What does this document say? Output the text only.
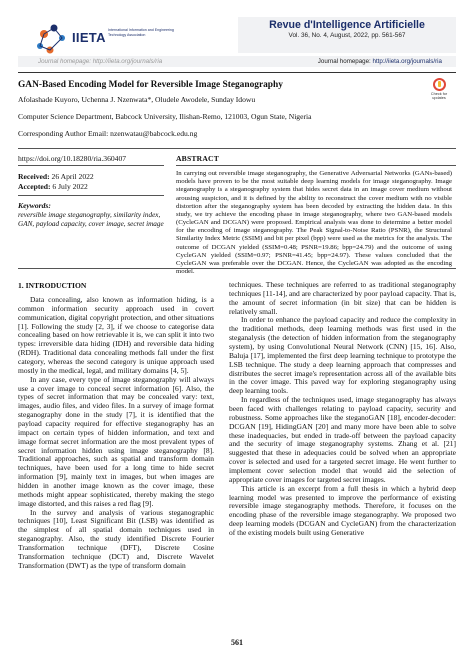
IIETA International Information and Engineering Technology Association
Revue d'Intelligence Artificielle
Vol. 36, No. 4, August, 2022, pp. 561-567
Journal homepage: http://iieta.org/journals/ria	Journal homepage: http://iieta.org/journals/ria
GAN-Based Encoding Model for Reversible Image Steganography
Check for updates
Afolashade Kuyoro, Uchenna J. Nzenwata*, Oludele Awodele, Sunday Idowu
Computer Science Department, Babcock University, Ilishan-Remo, 121003, Ogun State, Nigeria
Corresponding Author Email: nzenwatau@babcock.edu.ng
https://doi.org/10.18280/ria.360407	ABSTRACT
Received: 26 April 2022
Accepted: 6 July 2022
Keywords:
reversible image steganography, similarity index, GAN, payload capacity, cover image, secret image
In carrying out reversible image steganography, the Generative Adversarial Networks (GANs-based) models have proven to be the most suitable deep learning models for image steganography. Image steganography is a steganography system that hides secret data in an image cover medium without arousing suspicion, and it is defined by the ability to reconstruct the cover medium with no visible distortion after the steganography system has been decoded by extracting the hidden data. In this study, we try achieve the encoding phase in image steganography, where two GAN-based models (CycleGAN and DCGAN) were proposed. Empirical analysis was done to determine a better model for the encoding of image steganography. The Peak Signal-to-Noise Ratio (PSNR), the Structural Similarity Index Metric (SSIM) and bit per pixel (bpp) were used as the metrics for the analysis. The outcome of DCGAN yielded (SSIM=0.48; PSNR=19.86; bpp=24.79) and the outcome of using CycleGAN yielded (SSIM=0.97; PSNR=41.45; bpp=24.97). These values concluded that the CycleGAN was preferable over the DCGAN. Hence, the CycleGAN was adopted as the encoding model.
1. INTRODUCTION

Data concealing, also known as information hiding, is a common information security approach used in covert communication, digital copyright protection, and other situations [1]. Following the study [2, 3], if we choose to categorise data concealing based on how retrievable it is, we can split it into two types: irreversible data hiding (IDH) and reversible data hiding (RDH). Traditional data concealing methods fall under the first category, whereas the second category is unique approach used mostly in the medical, legal, and military domains [4, 5].

In any case, every type of image steganography will always use a cover image to conceal secret information [6]. Also, the types of secret information that may be concealed vary: text, images, audio files, and video files. In a survey of image format steganography done in the study [7], it is identified that the payload capacity required for effective steganography has an impact on certain types of hidden information, and text and image format secret information are the most prevalent types of secret information hidden using image steganography [8]. Traditional approaches, such as spatial and transform domain techniques, have been used for a long time to hide secret information [9], mainly text in images, but when images are hidden in another image known as the cover image, these methods might appear sophisticated, thereby making the stego image distorted, and this raises a red flag [9].

In the survey and analysis of various steganographic techniques [10], Least Significant Bit (LSB) was identified as the simplest of all spatial domain techniques used in steganography. Also, the study identified Discrete Fourier Transformation technique (DFT), Discrete Cosine Transformation technique (DCT) and, Discrete Wavelet Transformation (DWT) as the type of transform domain

techniques. These techniques are referred to as traditional steganography techniques [11-14], and are characterized by poor payload capacity. That is, the amount of secret information (in bit size) that can be hidden is relatively small.

In order to enhance the payload capacity and reduce the complexity in the traditional methods, deep learning methods was first used in the steganalysis (the detection of hidden information from the steganography system), by using Convolutional Neural Network (CNN) [15, 16]. Also, Baluja [17], implemented the first deep learning technique to prototype the LSB technique. The study a deep learning approach that compresses and distributes the secret image's representation across all of the available bits in the cover image. This paved way for exploring steganography using deep learning tools.

In regardless of the techniques used, image steganography has always been faced with challenges relating to payload capacity, security and robustness. Some approaches like the steganoGAN [18], encoder-decoder: DCGAN [19], HidingGAN [20] and many more have been able to solve these inadequacies, but ended in trade-off between the payload capacity and the security of image steganography systems. Zhang et al. [21] suggested that these in adequacies could be solved when an appropriate cover is selected and used for a targeted secret image. He went further to implement cover selection model that would aid the selection of appropriate cover images for targeted secret images.

This article is an excerpt from a full thesis in which a hybrid deep learning model was presented to improve the performance of existing reversible image steganography methods. Therefore, it focuses on the encoding phase of the reversible image steganography. We proposed two deep learning models (DCGAN and CycleGAN) from the characterization of the existing models built using Generative

561
